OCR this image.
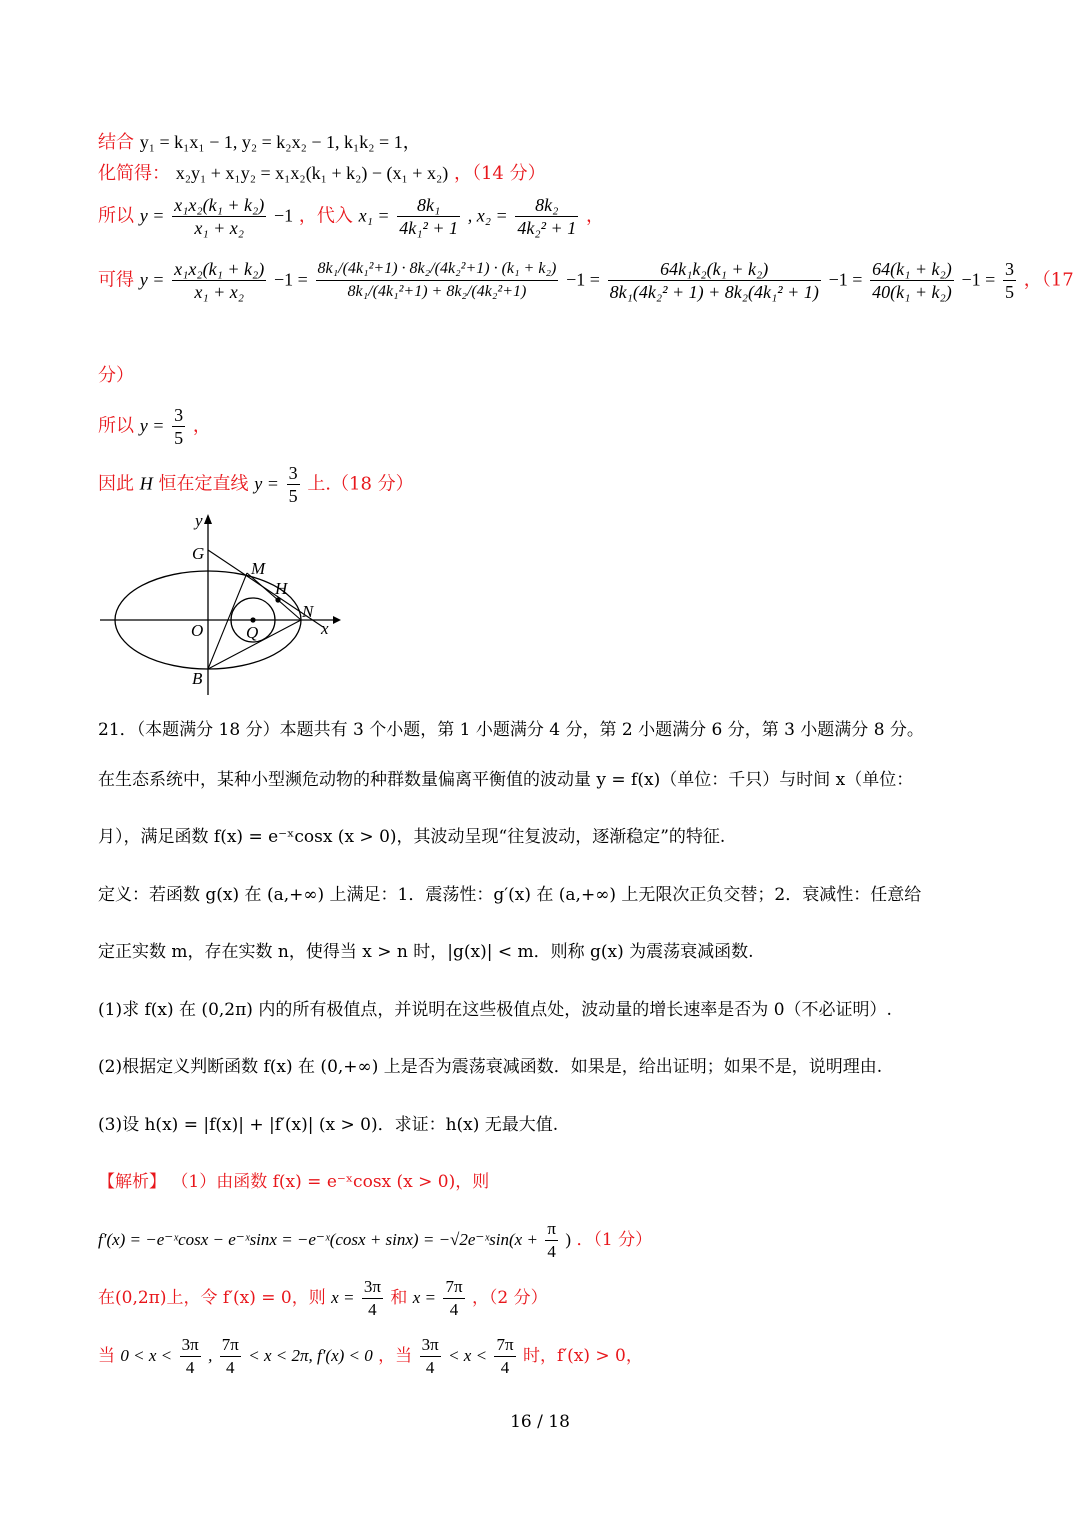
结合 y₁ = k₁x₁ − 1, y₂ = k₂x₂ − 1, k₁k₂ = 1，
化简得： x₂y₁ + x₁y₂ = x₁x₂(k₁ + k₂) − (x₁ + x₂) ，（14 分）
所以 $y = \frac{\text{x₁x₂(k₁ + k₂)}}{\text{x₁ + x₂}} -1$ ，代入 $x_1 = \frac{\text{8k₁}}{\text{4k₁² + 1}}$ , $x_2 = \frac{\text{8k₂}}{\text{4k₂² + 1}}$ ，
可得 $y = \frac{\text{x₁x₂(k₁ + k₂)}}{\text{x₁ + x₂}} -1 = \frac{\text{8k₁/(4k₁²+1) · 8k₂/(4k₂²+1) · (k₁ + k₂)}}{\text{8k₁/(4k₁²+1) + 8k₂/(4k₂²+1)}} -1 = \frac{\text{64k₁k₂(k₁ + k₂)}}{\text{8k₁(4k₂² + 1) + 8k₂(4k₁² + 1)}} -1 = \frac{\text{64(k₁ + k₂)}}{\text{40(k₁ + k₂)}} -1 = \frac{3}{5}$ ，（17
分）
所以 $y = \frac{3}{5}$ ，
因此 H 恒在定直线 $y = \frac{3}{5}$ 上.（18 分）
y
x
G
M
H
N
O	Q
B
21．（本题满分 18 分）本题共有 3 个小题，第 1 小题满分 4 分，第 2 小题满分 6 分，第 3 小题满分 8 分。
在生态系统中，某种小型濒危动物的种群数量偏离平衡值的波动量 y = f(x)（单位：千只）与时间 x（单位：
月），满足函数 f(x) = e⁻ˣcosx (x > 0)，其波动呈现“往复波动，逐渐稳定”的特征.
定义：若函数 g(x) 在 (a,+∞) 上满足：1．震荡性：g′(x) 在 (a,+∞) 上无限次正负交替；2．衰减性：任意给
定正实数 m，存在实数 n，使得当 x > n 时，|g(x)| < m．则称 g(x) 为震荡衰减函数.
(1)求 f(x) 在 (0,2π) 内的所有极值点，并说明在这些极值点处，波动量的增长速率是否为 0（不必证明）.
(2)根据定义判断函数 f(x) 在 (0,+∞) 上是否为震荡衰减函数．如果是，给出证明；如果不是，说明理由.
(3)设 h(x) = |f(x)| + |f′(x)| (x > 0)．求证：h(x) 无最大值.
【解析】 （1）由函数 f(x) = e⁻ˣcosx (x > 0)，则
f′(x) = −e⁻ˣcosx − e⁻ˣsinx = −e⁻ˣ(cosx + sinx) = −√2e⁻ˣsin(x + $\frac{\pi}{4}$ ) ．（1 分）
在(0,2π)上，令 f′(x) = 0，则 $x = \frac{3\pi}{4}$ 和 $x = \frac{7\pi}{4}$ ，（2 分）
当 $0 < x < \frac{3\pi}{4}$ , $\frac{7\pi}{4} < x < 2\pi$, f′(x) < 0 ，当 $\frac{3\pi}{4} < x < \frac{7\pi}{4}$ 时，f′(x) > 0，
16 / 18
